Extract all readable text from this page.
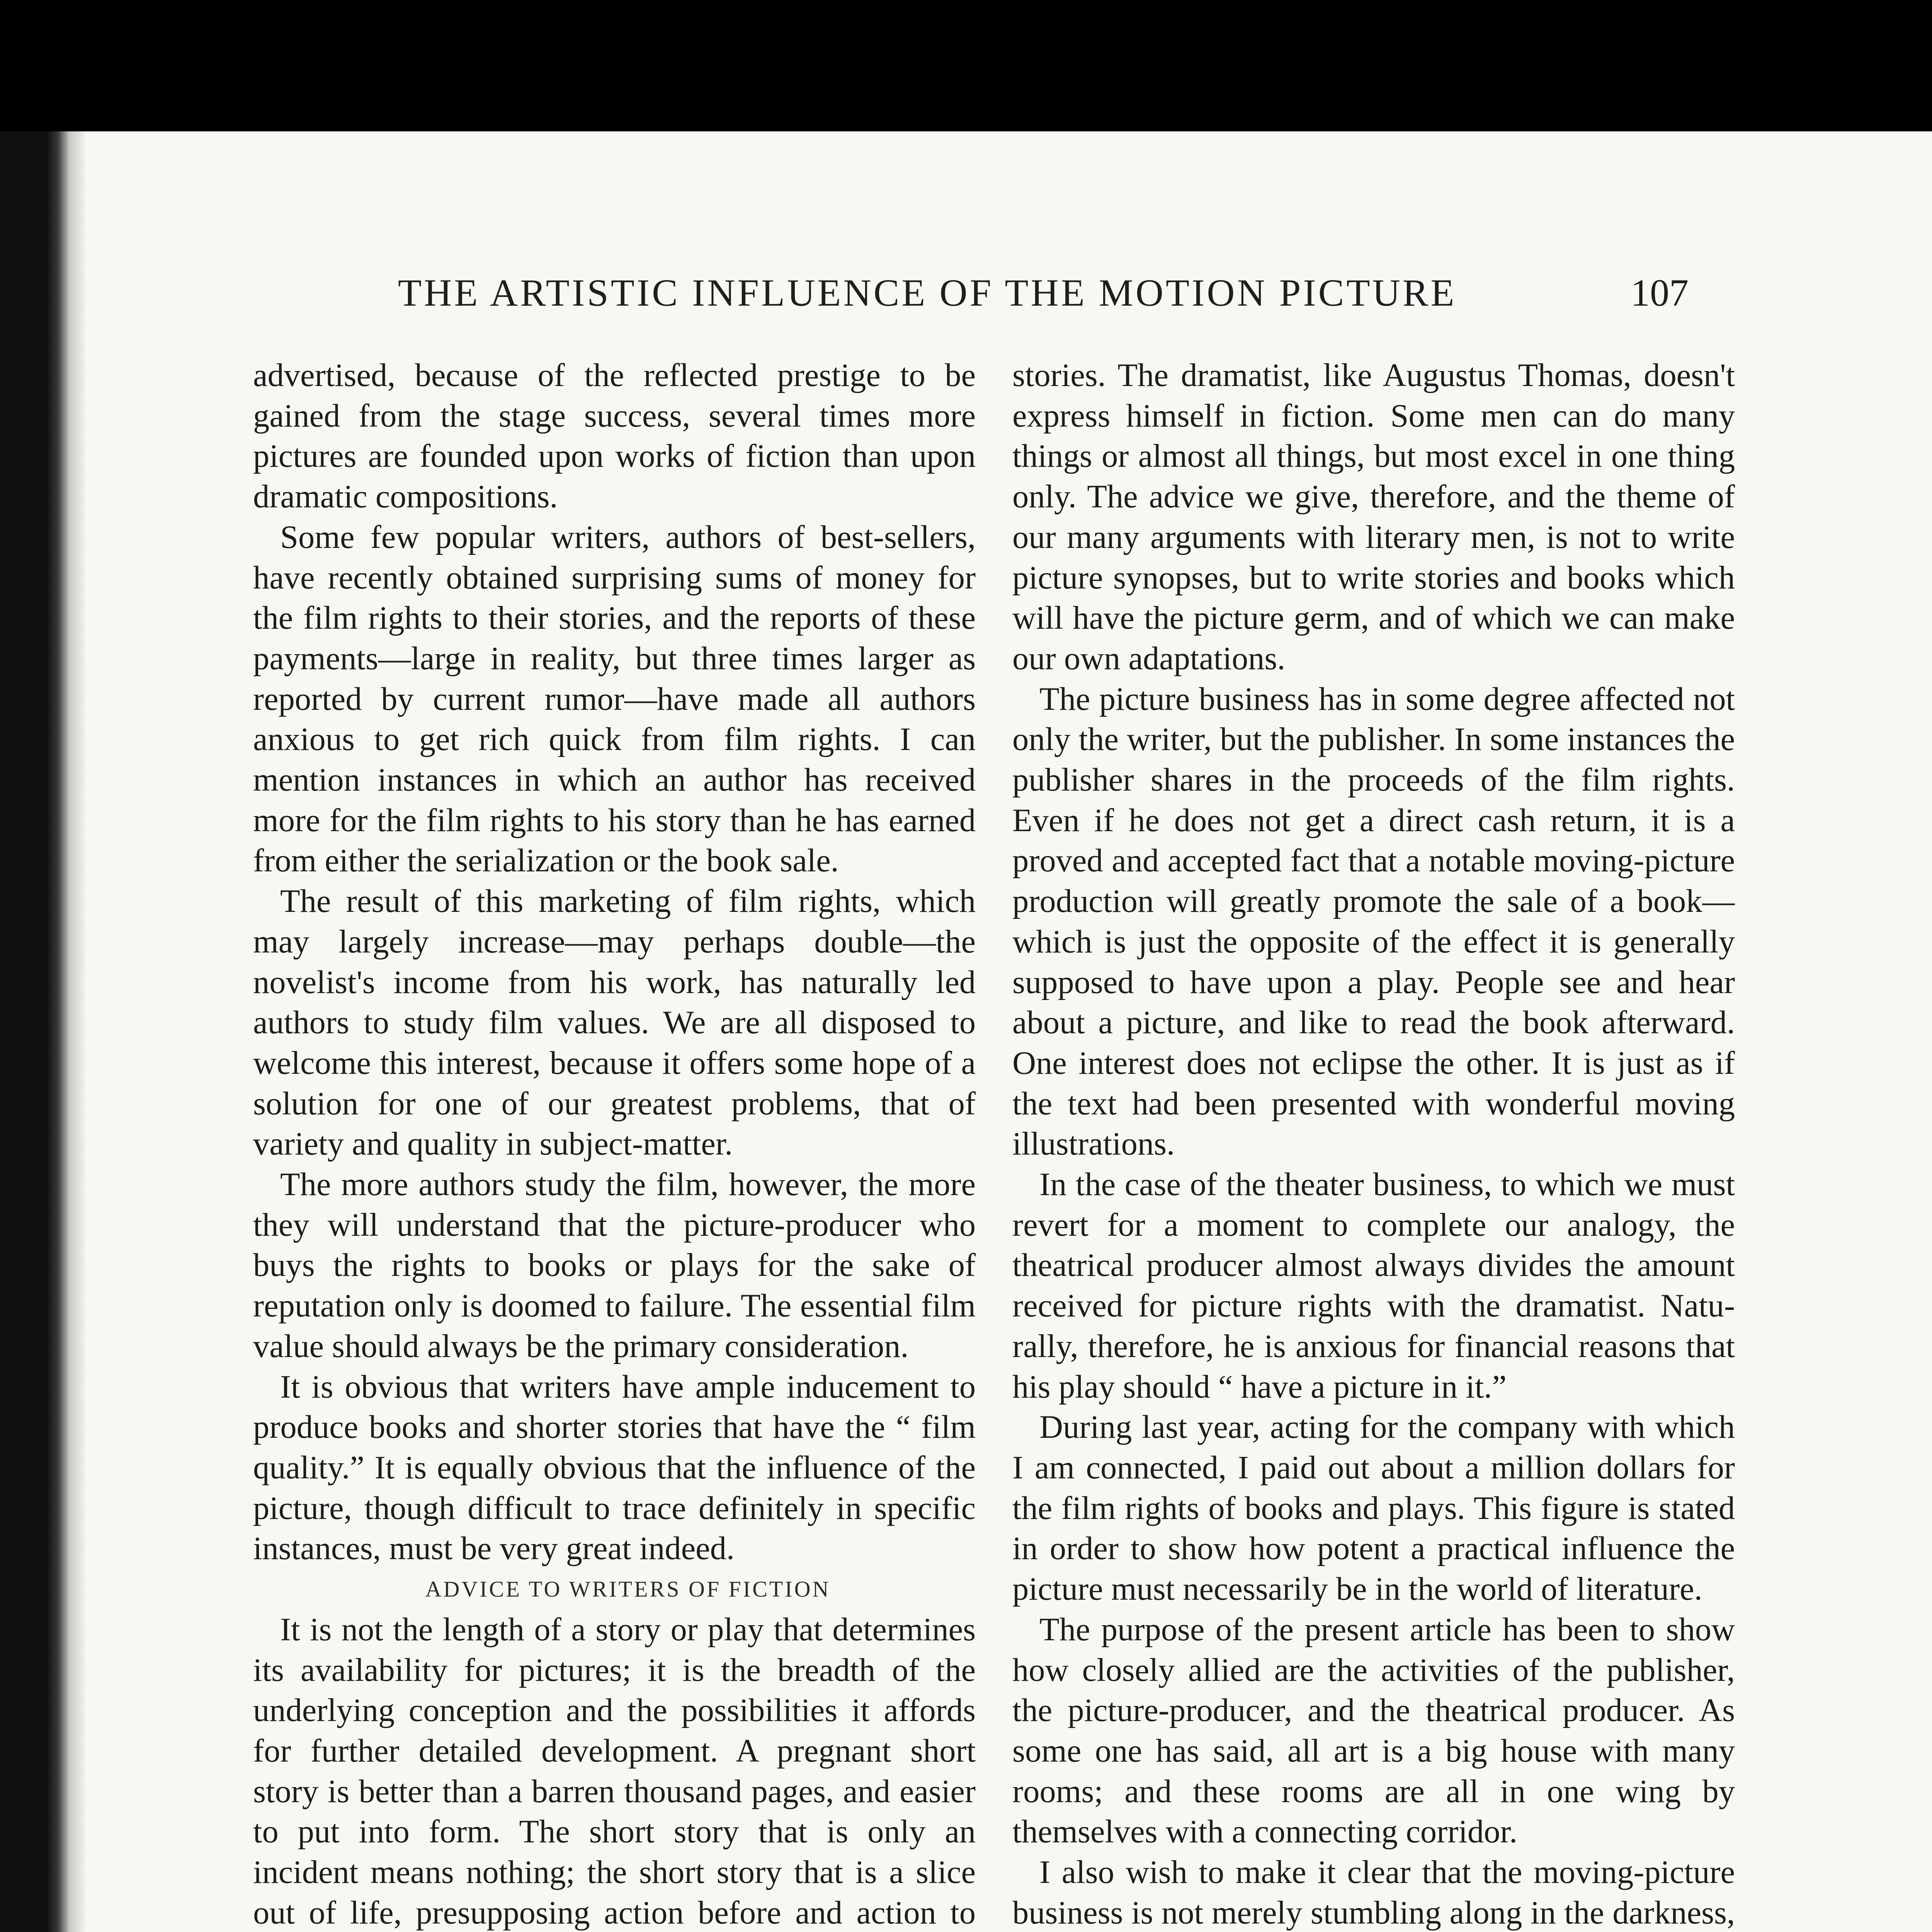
THE ARTISTIC INFLUENCE OF THE MOTION PICTURE	107

advertised, because of the reflected prestige to be gained from the stage success, several times more pictures are founded upon works of fiction than upon dramatic compositions.

Some few popular writers, authors of best-sellers, have recently obtained surprising sums of money for the film rights to their stories, and the reports of these payments—large in reality, but three times larger as reported by current rumor—have made all authors anxious to get rich quick from film rights. I can mention instances in which an author has received more for the film rights to his story than he has earned from either the serialization or the book sale.

The result of this marketing of film rights, which may largely increase—may perhaps double—the novelist's income from his work, has naturally led authors to study film values. We are all disposed to welcome this interest, because it offers some hope of a solution for one of our greatest problems, that of variety and quality in subject-matter.

The more authors study the film, however, the more they will understand that the picture-producer who buys the rights to books or plays for the sake of reputation only is doomed to failure. The essential film value should always be the primary consideration.

It is obvious that writers have ample inducement to produce books and shorter stories that have the “ film quality.” It is equally obvious that the influence of the picture, though difficult to trace definitely in specific instances, must be very great indeed.

ADVICE TO WRITERS OF FICTION

It is not the length of a story or play that determines its availability for pictures; it is the breadth of the underlying conception and the possibilities it affords for further detailed development. A pregnant short story is better than a barren thousand pages, and easier to put into form. The short story that is only an incident means nothing; the short story that is a slice out of life, presupposing action before and action to

stories. The dramatist, like Augustus Thomas, doesn't express himself in fiction. Some men can do many things or almost all things, but most excel in one thing only. The advice we give, therefore, and the theme of our many arguments with literary men, is not to write picture synopses, but to write stories and books which will have the picture germ, and of which we can make our own adaptations.

The picture business has in some degree affected not only the writer, but the publisher. In some instances the publisher shares in the proceeds of the film rights. Even if he does not get a direct cash return, it is a proved and accepted fact that a notable moving-picture production will greatly promote the sale of a book—which is just the opposite of the effect it is generally supposed to have upon a play. People see and hear about a picture, and like to read the book afterward. One interest does not eclipse the other. It is just as if the text had been presented with wonderful moving illustrations.

In the case of the theater business, to which we must revert for a moment to complete our analogy, the theatrical producer almost always divides the amount received for picture rights with the dramatist. Naturally, therefore, he is anxious for financial reasons that his play should “ have a picture in it.”

During last year, acting for the company with which I am connected, I paid out about a million dollars for the film rights of books and plays. This figure is stated in order to show how potent a practical influence the picture must necessarily be in the world of literature.

The purpose of the present article has been to show how closely allied are the activities of the publisher, the picture-producer, and the theatrical producer. As some one has said, all art is a big house with many rooms; and these rooms are all in one wing by themselves with a connecting corridor.

I also wish to make it clear that the moving-picture business is not merely stumbling along in the darkness,
